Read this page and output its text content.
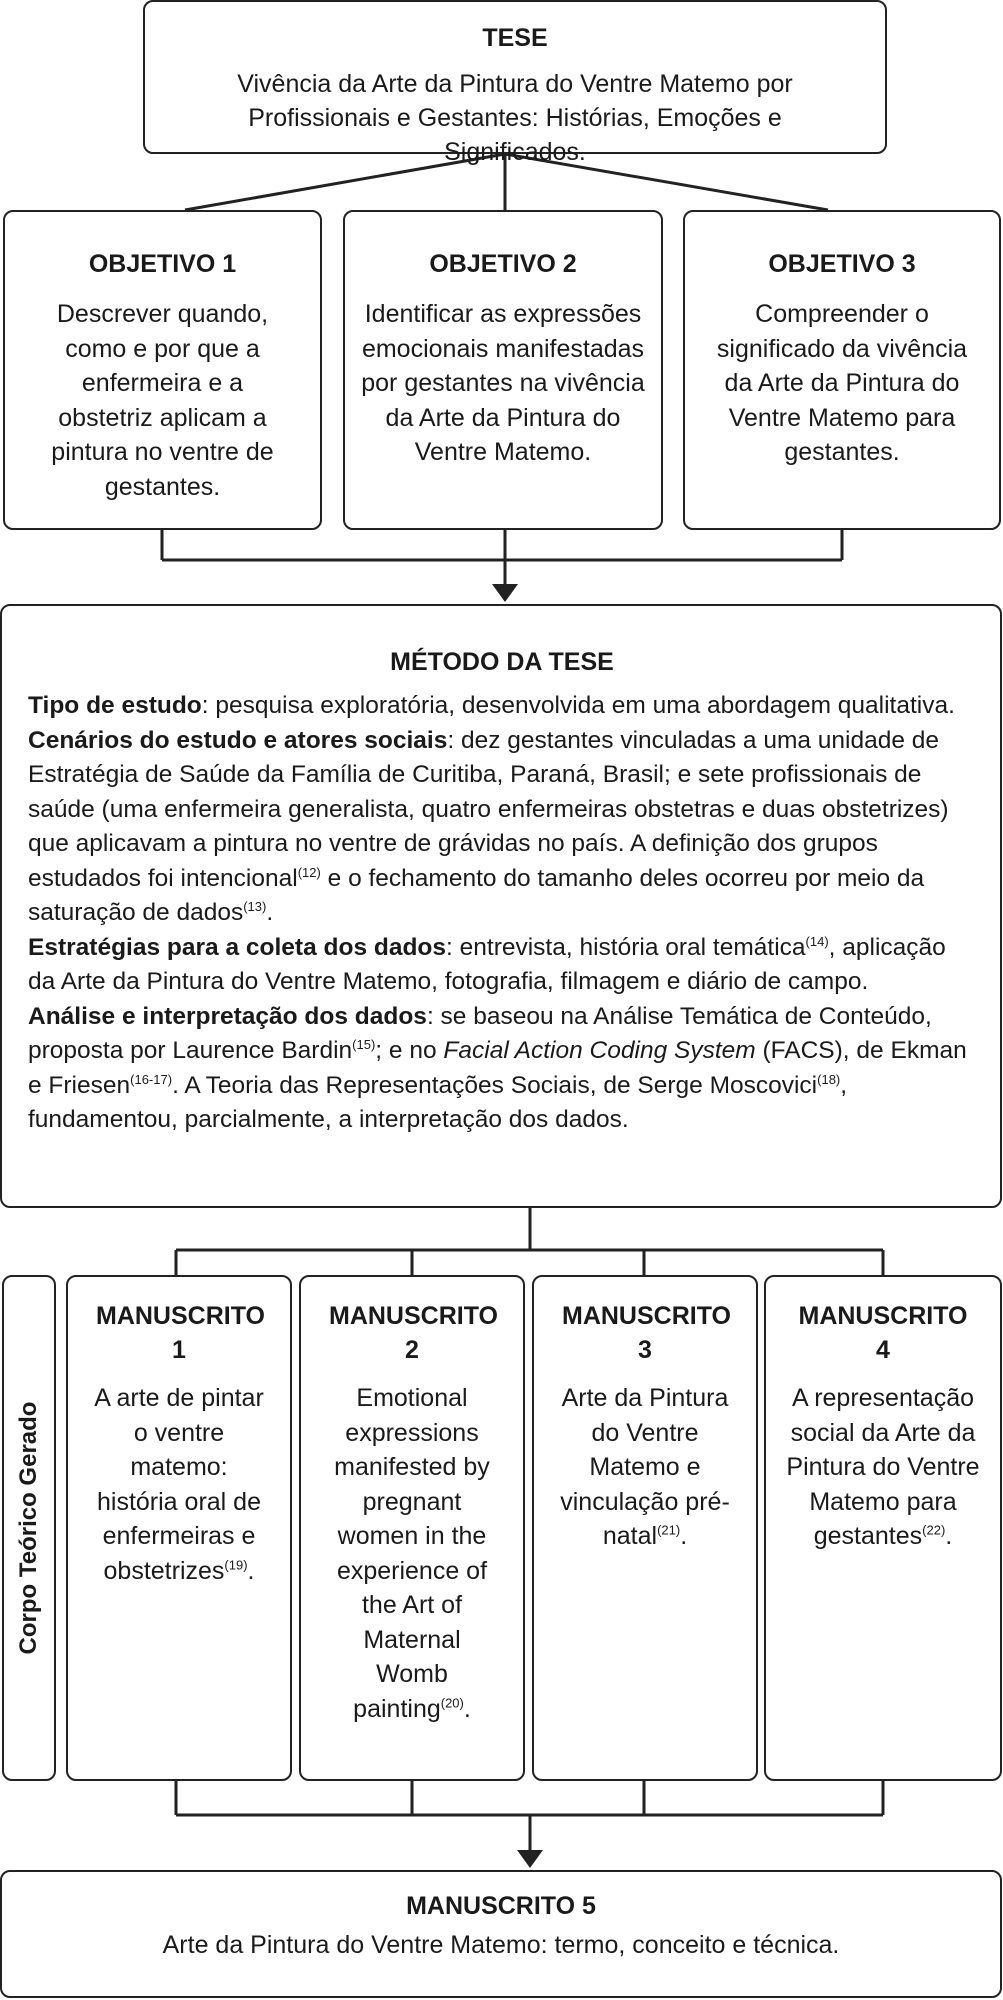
TESE
Vivência da Arte da Pintura do Ventre Matemo por Profissionais e Gestantes: Histórias, Emoções e Significados.
OBJETIVO 1
Descrever quando, como e por que a enfermeira e a obstetriz aplicam a pintura no ventre de gestantes.
OBJETIVO 2
Identificar as expressões emocionais manifestadas por gestantes na vivência da Arte da Pintura do Ventre Matemo.
OBJETIVO 3
Compreender o significado da vivência da Arte da Pintura do Ventre Matemo para gestantes.
MÉTODO DA TESE

Tipo de estudo: pesquisa exploratória, desenvolvida em uma abordagem qualitativa.

Cenários do estudo e atores sociais: dez gestantes vinculadas a uma unidade de Estratégia de Saúde da Família de Curitiba, Paraná, Brasil; e sete profissionais de saúde (uma enfermeira generalista, quatro enfermeiras obstetras e duas obstetrizes) que aplicavam a pintura no ventre de grávidas no país. A definição dos grupos estudados foi intencional$^{(12)}$ e o fechamento do tamanho deles ocorreu por meio da saturação de dados$^{(13)}$.

Estratégias para a coleta dos dados: entrevista, história oral temática$^{(14)}$, aplicação da Arte da Pintura do Ventre Matemo, fotografia, filmagem e diário de campo.

Análise e interpretação dos dados: se baseou na Análise Temática de Conteúdo, proposta por Laurence Bardin$^{(15)}$; e no Facial Action Coding System (FACS), de Ekman e Friesen$^{(16-17)}$. A Teoria das Representações Sociais, de Serge Moscovici$^{(18)}$, fundamentou, parcialmente, a interpretação dos dados.

Corpo Teórico Gerado
MANUSCRITO 1
A arte de pintar o ventre matemo: história oral de enfermeiras e obstetrizes$^{(19)}$.
MANUSCRITO 2
Emotional expressions manifested by pregnant women in the experience of the Art of Maternal Womb painting$^{(20)}$.
MANUSCRITO 3
Arte da Pintura do Ventre Matemo e vinculação pré-natal$^{(21)}$.
MANUSCRITO 4
A representação social da Arte da Pintura do Ventre Matemo para gestantes$^{(22)}$.
MANUSCRITO 5
Arte da Pintura do Ventre Matemo: termo, conceito e técnica.
